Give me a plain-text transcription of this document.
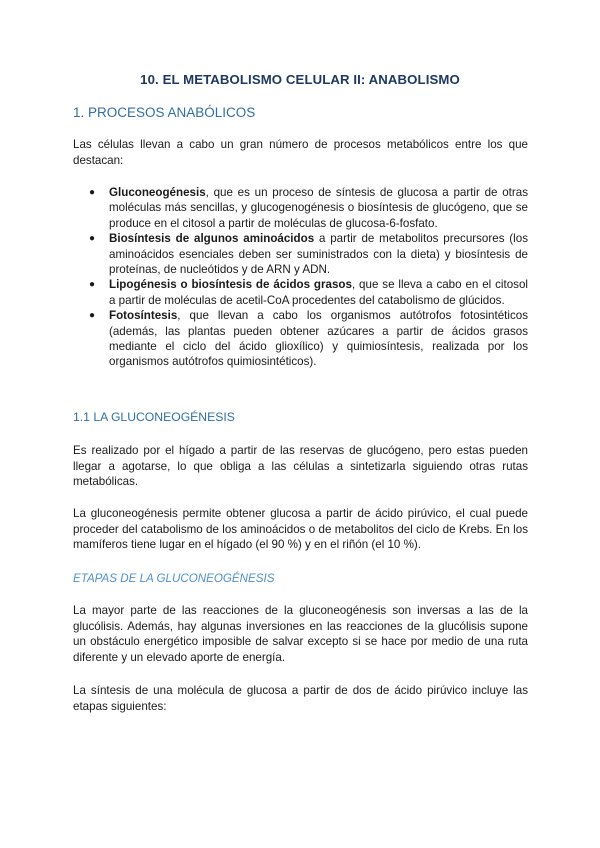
10. EL METABOLISMO CELULAR II: ANABOLISMO
1. PROCESOS ANABÓLICOS
Las células llevan a cabo un gran número de procesos metabólicos entre los que destacan:
● Gluconeogénesis, que es un proceso de síntesis de glucosa a partir de otras moléculas más sencillas, y glucogenogénesis o biosíntesis de glucógeno, que se produce en el citosol a partir de moléculas de glucosa-6-fosfato.
● Biosíntesis de algunos aminoácidos a partir de metabolitos precursores (los aminoácidos esenciales deben ser suministrados con la dieta) y biosíntesis de proteínas, de nucleótidos y de ARN y ADN.
● Lipogénesis o biosíntesis de ácidos grasos, que se lleva a cabo en el citosol a partir de moléculas de acetil-CoA procedentes del catabolismo de glúcidos.
● Fotosíntesis, que llevan a cabo los organismos autótrofos fotosintéticos (además, las plantas pueden obtener azúcares a partir de ácidos grasos mediante el ciclo del ácido glioxílico) y quimiosíntesis, realizada por los organismos autótrofos quimiosintéticos).
1.1 LA GLUCONEOGÉNESIS
Es realizado por el hígado a partir de las reservas de glucógeno, pero estas pueden llegar a agotarse, lo que obliga a las células a sintetizarla siguiendo otras rutas metabólicas.
La gluconeogénesis permite obtener glucosa a partir de ácido pirúvico, el cual puede proceder del catabolismo de los aminoácidos o de metabolitos del ciclo de Krebs. En los mamíferos tiene lugar en el hígado (el 90 %) y en el riñón (el 10 %).
ETAPAS DE LA GLUCONEOGÉNESIS
La mayor parte de las reacciones de la gluconeogénesis son inversas a las de la glucólisis. Además, hay algunas inversiones en las reacciones de la glucólisis supone un obstáculo energético imposible de salvar excepto si se hace por medio de una ruta diferente y un elevado aporte de energía.
La síntesis de una molécula de glucosa a partir de dos de ácido pirúvico incluye las etapas siguientes:
